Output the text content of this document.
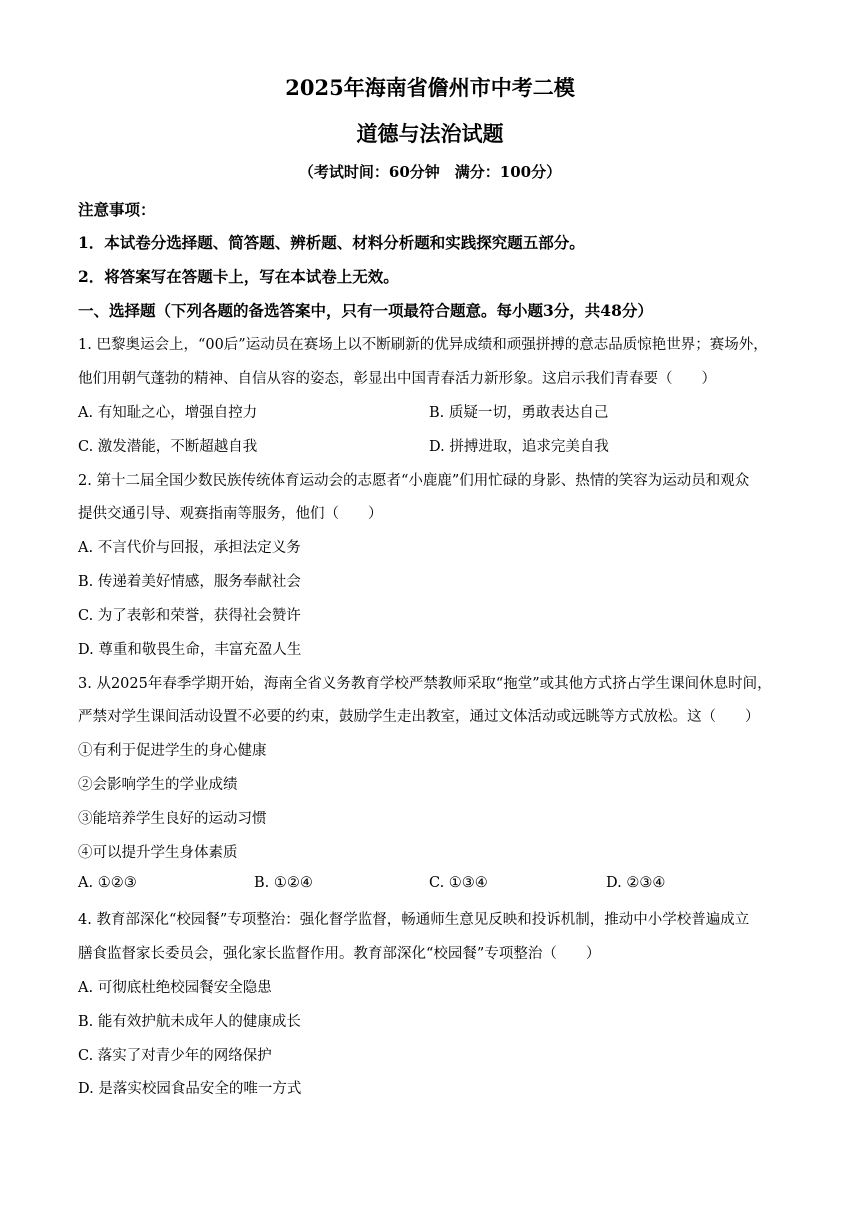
2025年海南省儋州市中考二模
道德与法治试题
（考试时间：60分钟　满分：100分）
注意事项：
1．本试卷分选择题、简答题、辨析题、材料分析题和实践探究题五部分。
2．将答案写在答题卡上，写在本试卷上无效。
一、选择题（下列各题的备选答案中，只有一项最符合题意。每小题3分，共48分）
1. 巴黎奥运会上，“00后”运动员在赛场上以不断刷新的优异成绩和顽强拼搏的意志品质惊艳世界；赛场外，
他们用朝气蓬勃的精神、自信从容的姿态，彰显出中国青春活力新形象。这启示我们青春要（　　）
A. 有知耻之心，增强自控力	B. 质疑一切，勇敢表达自己
C. 激发潜能，不断超越自我	D. 拼搏进取，追求完美自我
2. 第十二届全国少数民族传统体育运动会的志愿者“小鹿鹿”们用忙碌的身影、热情的笑容为运动员和观众
提供交通引导、观赛指南等服务，他们（　　）
A. 不言代价与回报，承担法定义务
B. 传递着美好情感，服务奉献社会
C. 为了表彰和荣誉，获得社会赞许
D. 尊重和敬畏生命，丰富充盈人生
3. 从2025年春季学期开始，海南全省义务教育学校严禁教师采取“拖堂”或其他方式挤占学生课间休息时间，
严禁对学生课间活动设置不必要的约束，鼓励学生走出教室，通过文体活动或远眺等方式放松。这（　　）
①有利于促进学生的身心健康
②会影响学生的学业成绩
③能培养学生良好的运动习惯
④可以提升学生身体素质
A. ①②③	B. ①②④	C. ①③④	D. ②③④
4. 教育部深化“校园餐”专项整治：强化督学监督，畅通师生意见反映和投诉机制，推动中小学校普遍成立
膳食监督家长委员会，强化家长监督作用。教育部深化“校园餐”专项整治（　　）
A. 可彻底杜绝校园餐安全隐患
B. 能有效护航未成年人的健康成长
C. 落实了对青少年的网络保护
D. 是落实校园食品安全的唯一方式
